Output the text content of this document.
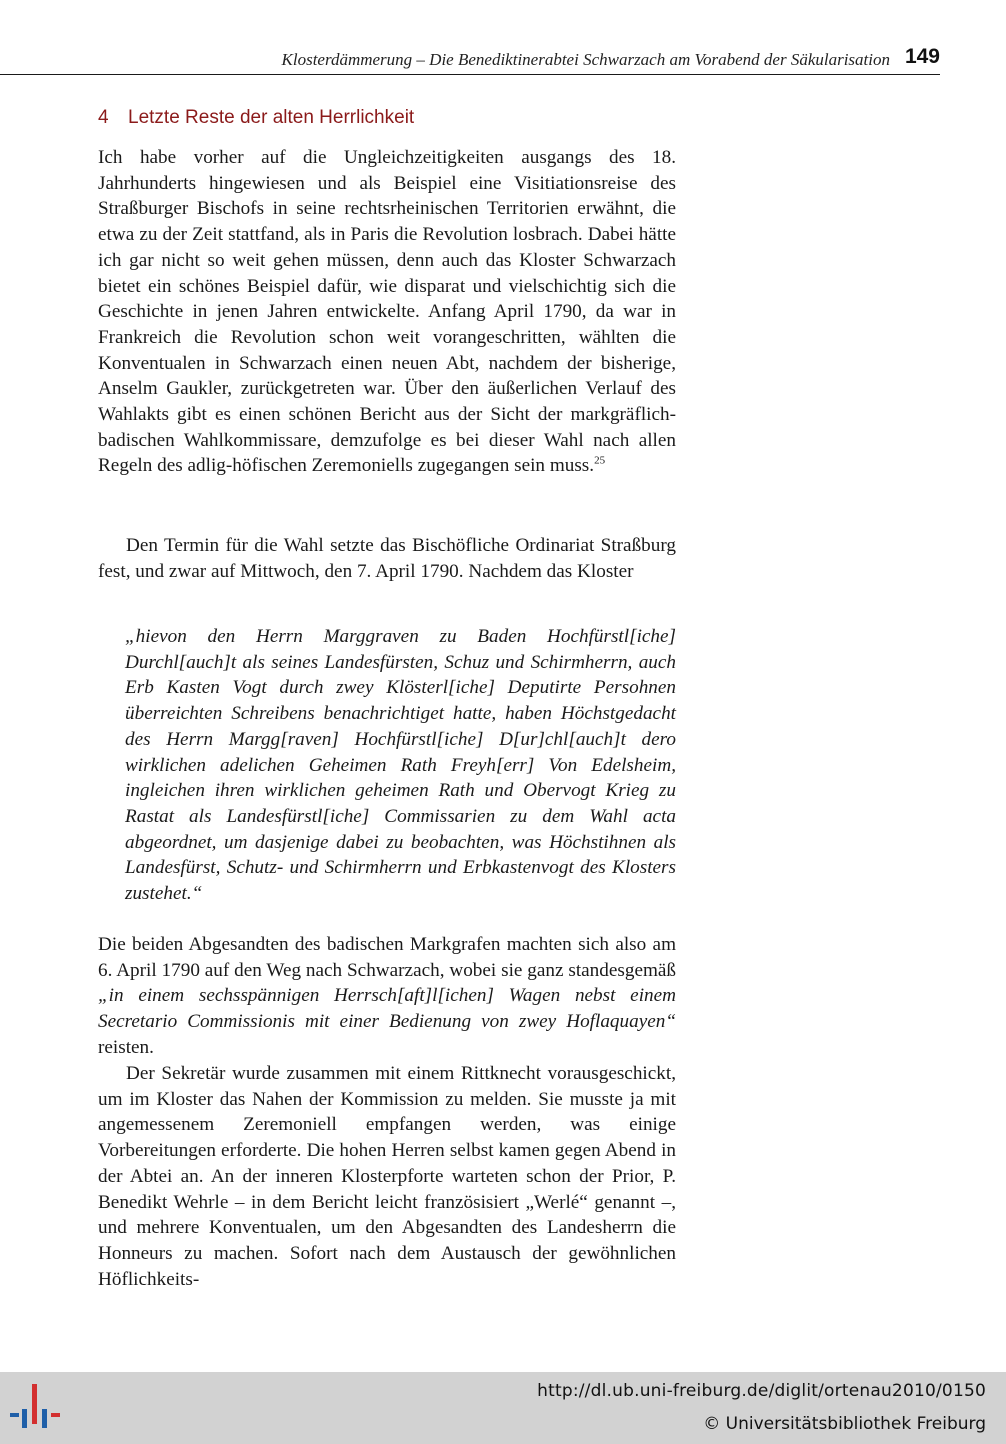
Klosterdämmerung – Die Benediktinerabtei Schwarzach am Vorabend der Säkularisation 149
4 Letzte Reste der alten Herrlichkeit

Ich habe vorher auf die Ungleichzeitigkeiten ausgangs des 18. Jahrhunderts hingewiesen und als Beispiel eine Visitiationsreise des Straßburger Bischofs in seine rechtsrheinischen Territorien erwähnt, die etwa zu der Zeit stattfand, als in Paris die Revolution losbrach. Dabei hätte ich gar nicht so weit gehen müssen, denn auch das Kloster Schwarzach bietet ein schönes Beispiel dafür, wie disparat und vielschichtig sich die Geschichte in jenen Jahren entwickelte. Anfang April 1790, da war in Frankreich die Revolution schon weit vorangeschritten, wählten die Konventualen in Schwarzach einen neuen Abt, nachdem der bisherige, Anselm Gaukler, zurückgetreten war. Über den äußerlichen Verlauf des Wahlakts gibt es einen schönen Bericht aus der Sicht der markgräflich-badischen Wahlkommissare, demzufolge es bei dieser Wahl nach allen Regeln des adlig-höfischen Zeremoniells zugegangen sein muss.$^{25}$

Den Termin für die Wahl setzte das Bischöfliche Ordinariat Straßburg fest, und zwar auf Mittwoch, den 7. April 1790. Nachdem das Kloster

„hievon den Herrn Marggraven zu Baden Hochfürstl[iche] Durchl[auch]t als seines Landesfürsten, Schuz und Schirmherrn, auch Erb Kasten Vogt durch zwey Klösterl[iche] Deputirte Persohnen überreichten Schreibens benachrichtiget hatte, haben Höchstgedacht des Herrn Margg[raven] Hochfürstl[iche] D[ur]chl[auch]t dero wirklichen adelichen Geheimen Rath Freyh[err] Von Edelsheim, ingleichen ihren wirklichen geheimen Rath und Obervogt Krieg zu Rastat als Landesfürstl[iche] Commissarien zu dem Wahl acta abgeordnet, um dasjenige dabei zu beobachten, was Höchstihnen als Landesfürst, Schutz- und Schirmherrn und Erbkastenvogt des Klosters zustehet.“

Die beiden Abgesandten des badischen Markgrafen machten sich also am 6. April 1790 auf den Weg nach Schwarzach, wobei sie ganz standesgemäß „in einem sechsspännigen Herrsch[aft]l[ichen] Wagen nebst einem Secretario Commissionis mit einer Bedienung von zwey Hoflaquayen“ reisten.

Der Sekretär wurde zusammen mit einem Rittknecht vorausgeschickt, um im Kloster das Nahen der Kommission zu melden. Sie musste ja mit angemessenem Zeremoniell empfangen werden, was einige Vorbereitungen erforderte. Die hohen Herren selbst kamen gegen Abend in der Abtei an. An der inneren Klosterpforte warteten schon der Prior, P. Benedikt Wehrle – in dem Bericht leicht französisiert „Werlé“ genannt –, und mehrere Konventualen, um den Abgesandten des Landesherrn die Honneurs zu machen. Sofort nach dem Austausch der gewöhnlichen Höflichkeits-

http://dl.ub.uni-freiburg.de/diglit/ortenau2010/0150
© Universitätsbibliothek Freiburg
